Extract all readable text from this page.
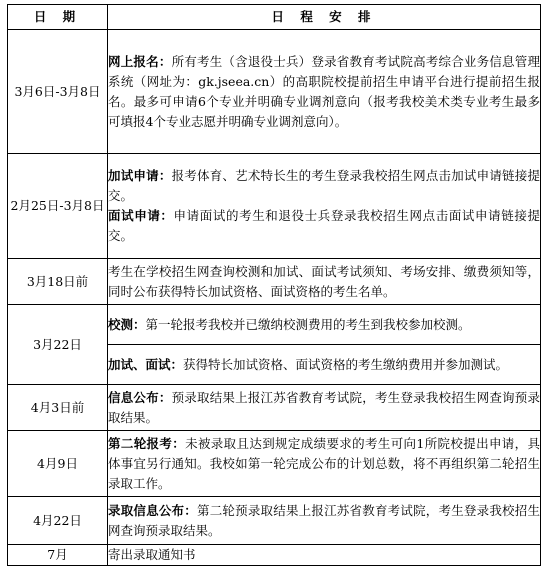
日 期	日 程 安 排
3月6日-3月8日	网上报名：所有考生（含退役士兵）登录省教育考试院高考综合业务信息管理系统（网址为：gk.jseea.cn）的高职院校提前招生申请平台进行提前招生报名。最多可申请6个专业并明确专业调剂意向（报考我校美术类专业考生最多可填报4个专业志愿并明确专业调剂意向）。

2月25日-3月8日	加试申请：报考体育、艺术特长生的考生登录我校招生网点击加试申请链接提交。
面试申请：申请面试的考生和退役士兵登录我校招生网点击面试申请链接提交。

3月18日前	考生在学校招生网查询校测和加试、面试考试须知、考场安排、缴费须知等，同时公布获得特长加试资格、面试资格的考生名单。

3月22日	校测：第一轮报考我校并已缴纳校测费用的考生到我校参加校测。

	加试、面试：获得特长加试资格、面试资格的考生缴纳费用并参加测试。

4月3日前	信息公布：预录取结果上报江苏省教育考试院，考生登录我校招生网查询预录取结果。

4月9日	第二轮报考：未被录取且达到规定成绩要求的考生可向1所院校提出申请，具体事宜另行通知。我校如第一轮完成公布的计划总数，将不再组织第二轮招生录取工作。

4月22日	录取信息公布：第二轮预录取结果上报江苏省教育考试院，考生登录我校招生网查询预录取结果。

7月	寄出录取通知书
